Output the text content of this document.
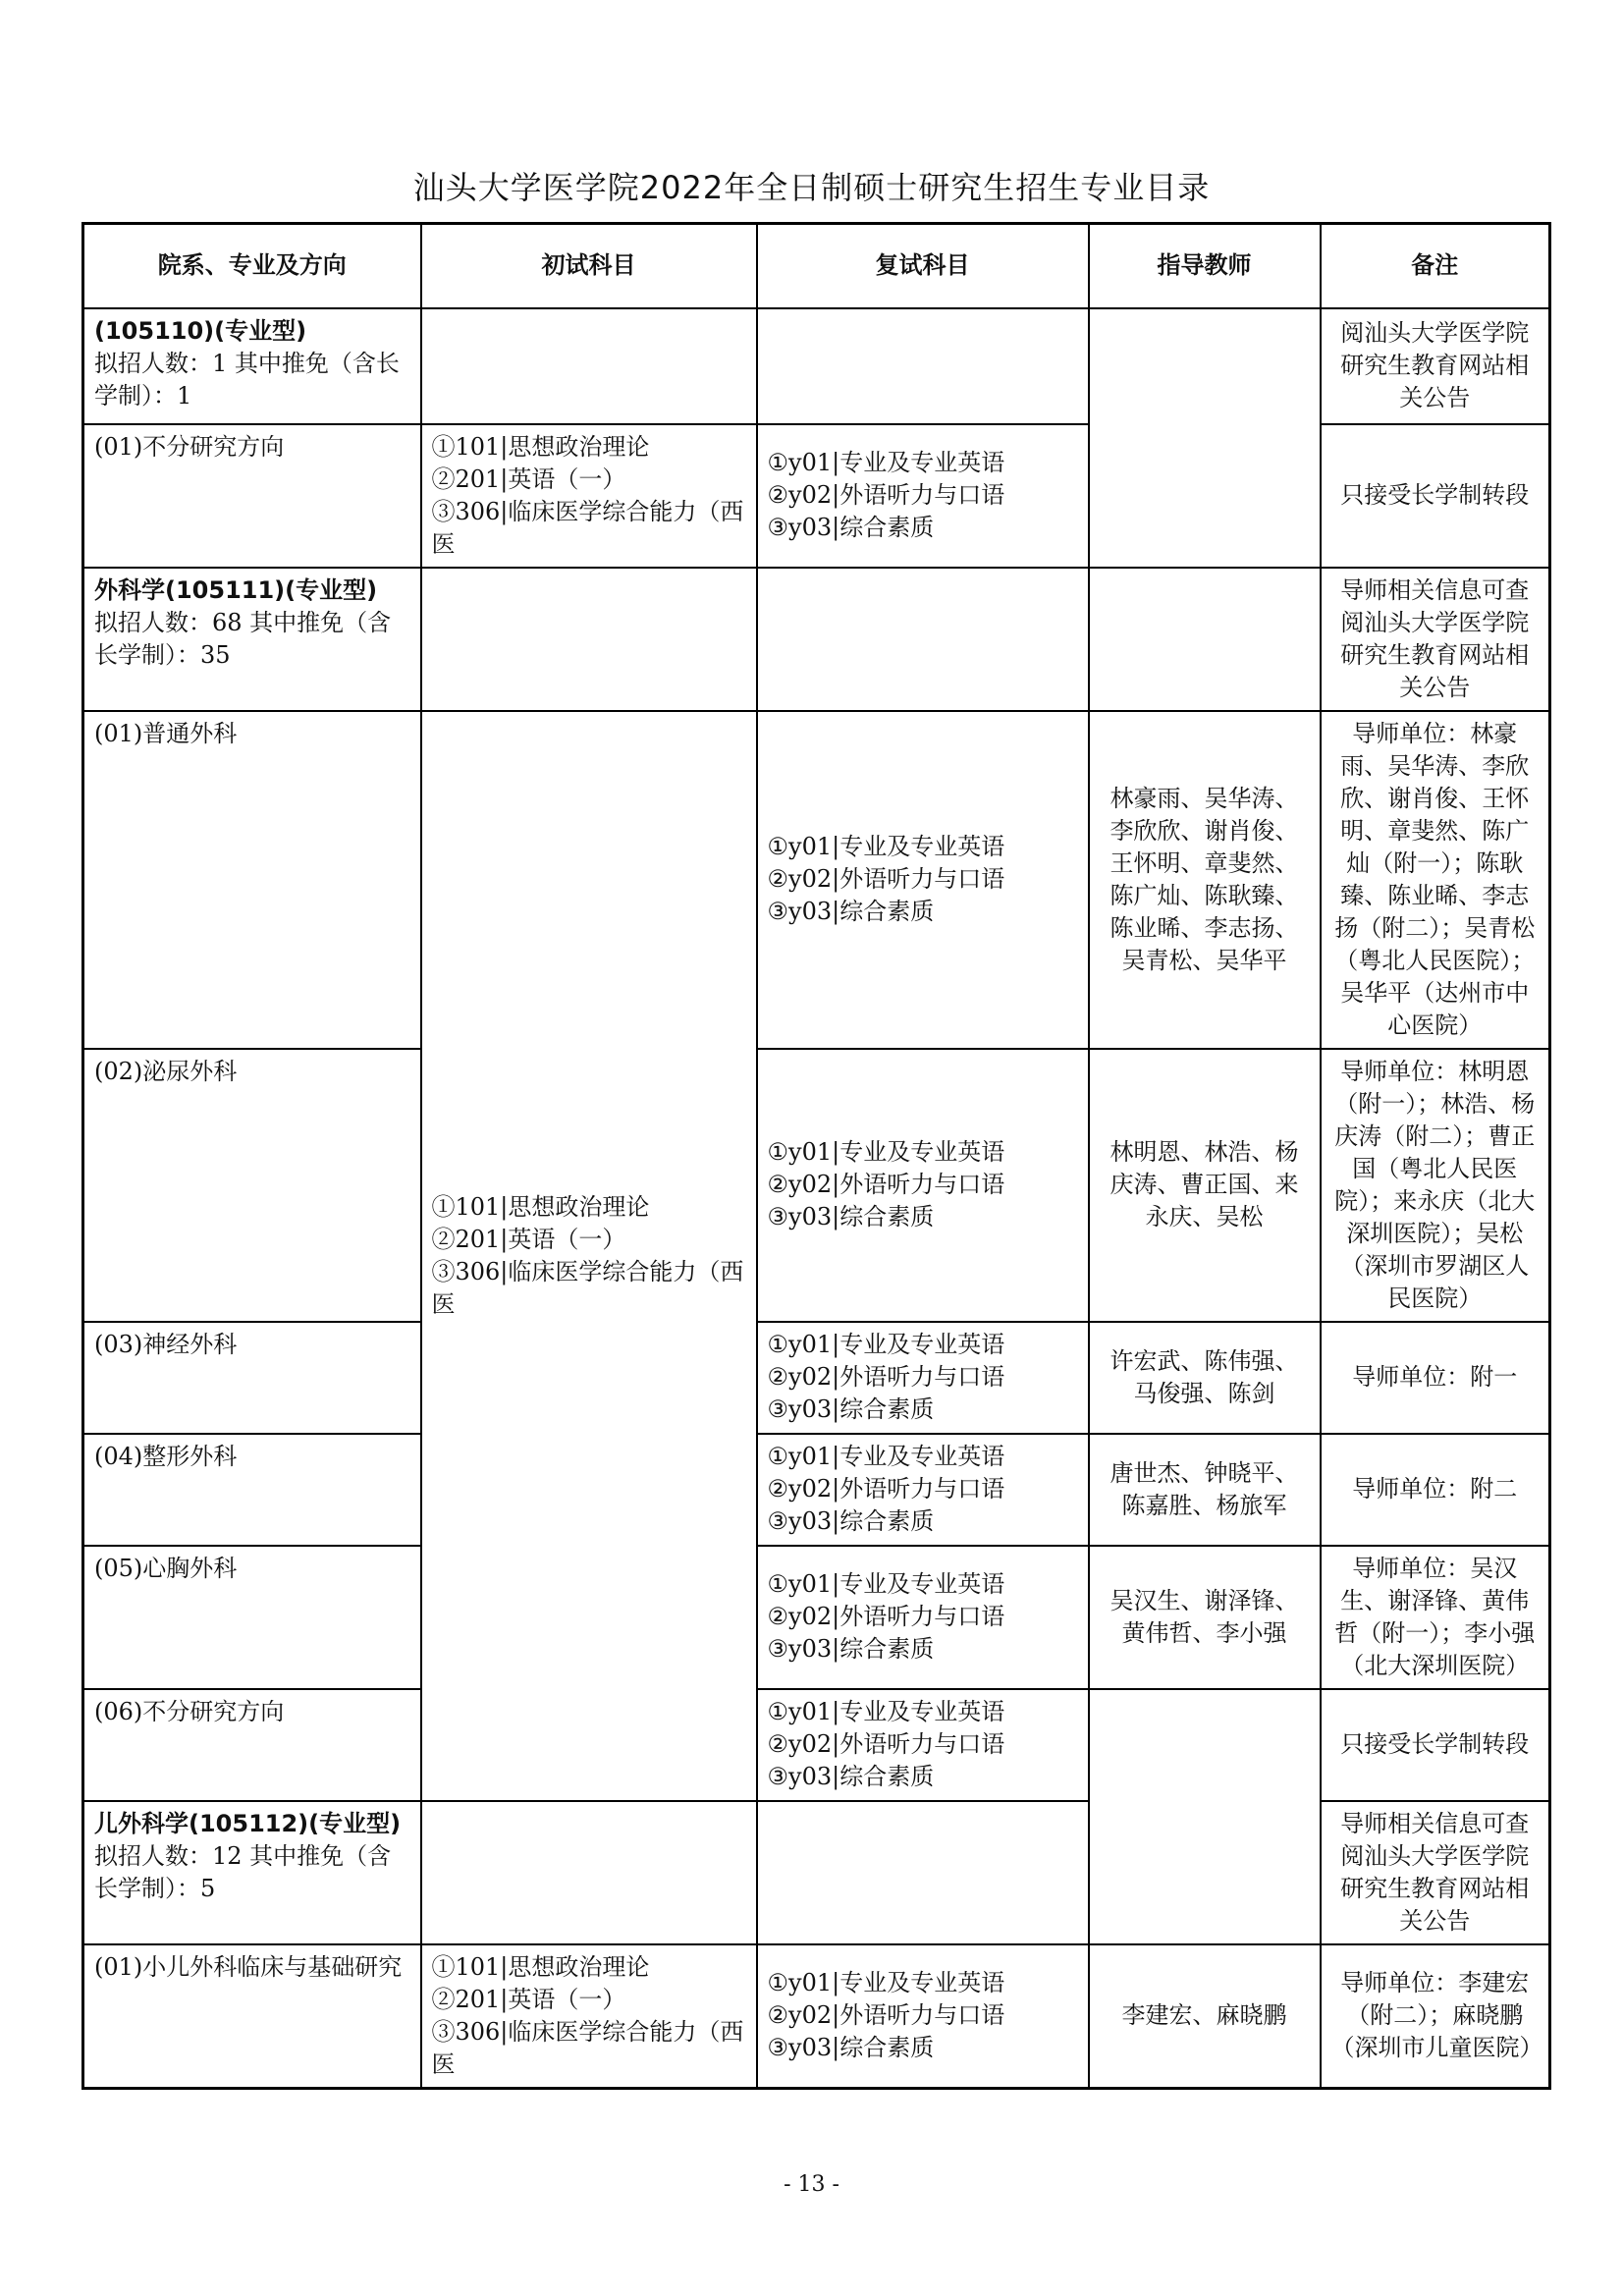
汕头大学医学院2022年全日制硕士研究生招生专业目录
院系、专业及方向	初试科目	复试科目	指导教师	备注

(105110)(专业型)
拟招人数：1 其中推免（含长学制）：1				阅汕头大学医学院研究生教育网站相关公告
(01)不分研究方向	①101|思想政治理论
②201|英语（一）
③306|临床医学综合能力（西医	①y01|专业及专业英语
②y02|外语听力与口语
③y03|综合素质		只接受长学制转段

外科学(105111)(专业型)
拟招人数：68 其中推免（含长学制）：35				导师相关信息可查阅汕头大学医学院研究生教育网站相关公告
(01)普通外科	①101|思想政治理论
②201|英语（一）
③306|临床医学综合能力（西医	①y01|专业及专业英语
②y02|外语听力与口语
③y03|综合素质	林豪雨、吴华涛、李欣欣、谢肖俊、王怀明、章斐然、陈广灿、陈耿臻、陈业晞、李志扬、吴青松、吴华平	导师单位：林豪雨、吴华涛、李欣欣、谢肖俊、王怀明、章斐然、陈广灿（附一）；陈耿臻、陈业晞、李志扬（附二）；吴青松（粤北人民医院）；吴华平（达州市中心医院）
(02)泌尿外科		①y01|专业及专业英语
②y02|外语听力与口语
③y03|综合素质	林明恩、林浩、杨庆涛、曹正国、来永庆、吴松	导师单位：林明恩（附一）；林浩、杨庆涛（附二）；曹正国（粤北人民医院）；来永庆（北大深圳医院）；吴松（深圳市罗湖区人民医院）
(03)神经外科		①y01|专业及专业英语
②y02|外语听力与口语
③y03|综合素质	许宏武、陈伟强、马俊强、陈剑	导师单位：附一
(04)整形外科		①y01|专业及专业英语
②y02|外语听力与口语
③y03|综合素质	唐世杰、钟晓平、陈嘉胜、杨旅军	导师单位：附二
(05)心胸外科		①y01|专业及专业英语
②y02|外语听力与口语
③y03|综合素质	吴汉生、谢泽锋、黄伟哲、李小强	导师单位：吴汉生、谢泽锋、黄伟哲（附一）；李小强（北大深圳医院）
(06)不分研究方向		①y01|专业及专业英语
②y02|外语听力与口语
③y03|综合素质		只接受长学制转段

儿外科学(105112)(专业型)
拟招人数：12 其中推免（含长学制）：5				导师相关信息可查阅汕头大学医学院研究生教育网站相关公告
(01)小儿外科临床与基础研究	①101|思想政治理论
②201|英语（一）
③306|临床医学综合能力（西医	①y01|专业及专业英语
②y02|外语听力与口语
③y03|综合素质	李建宏、麻晓鹏	导师单位：李建宏（附二）；麻晓鹏（深圳市儿童医院）
- 13 -
